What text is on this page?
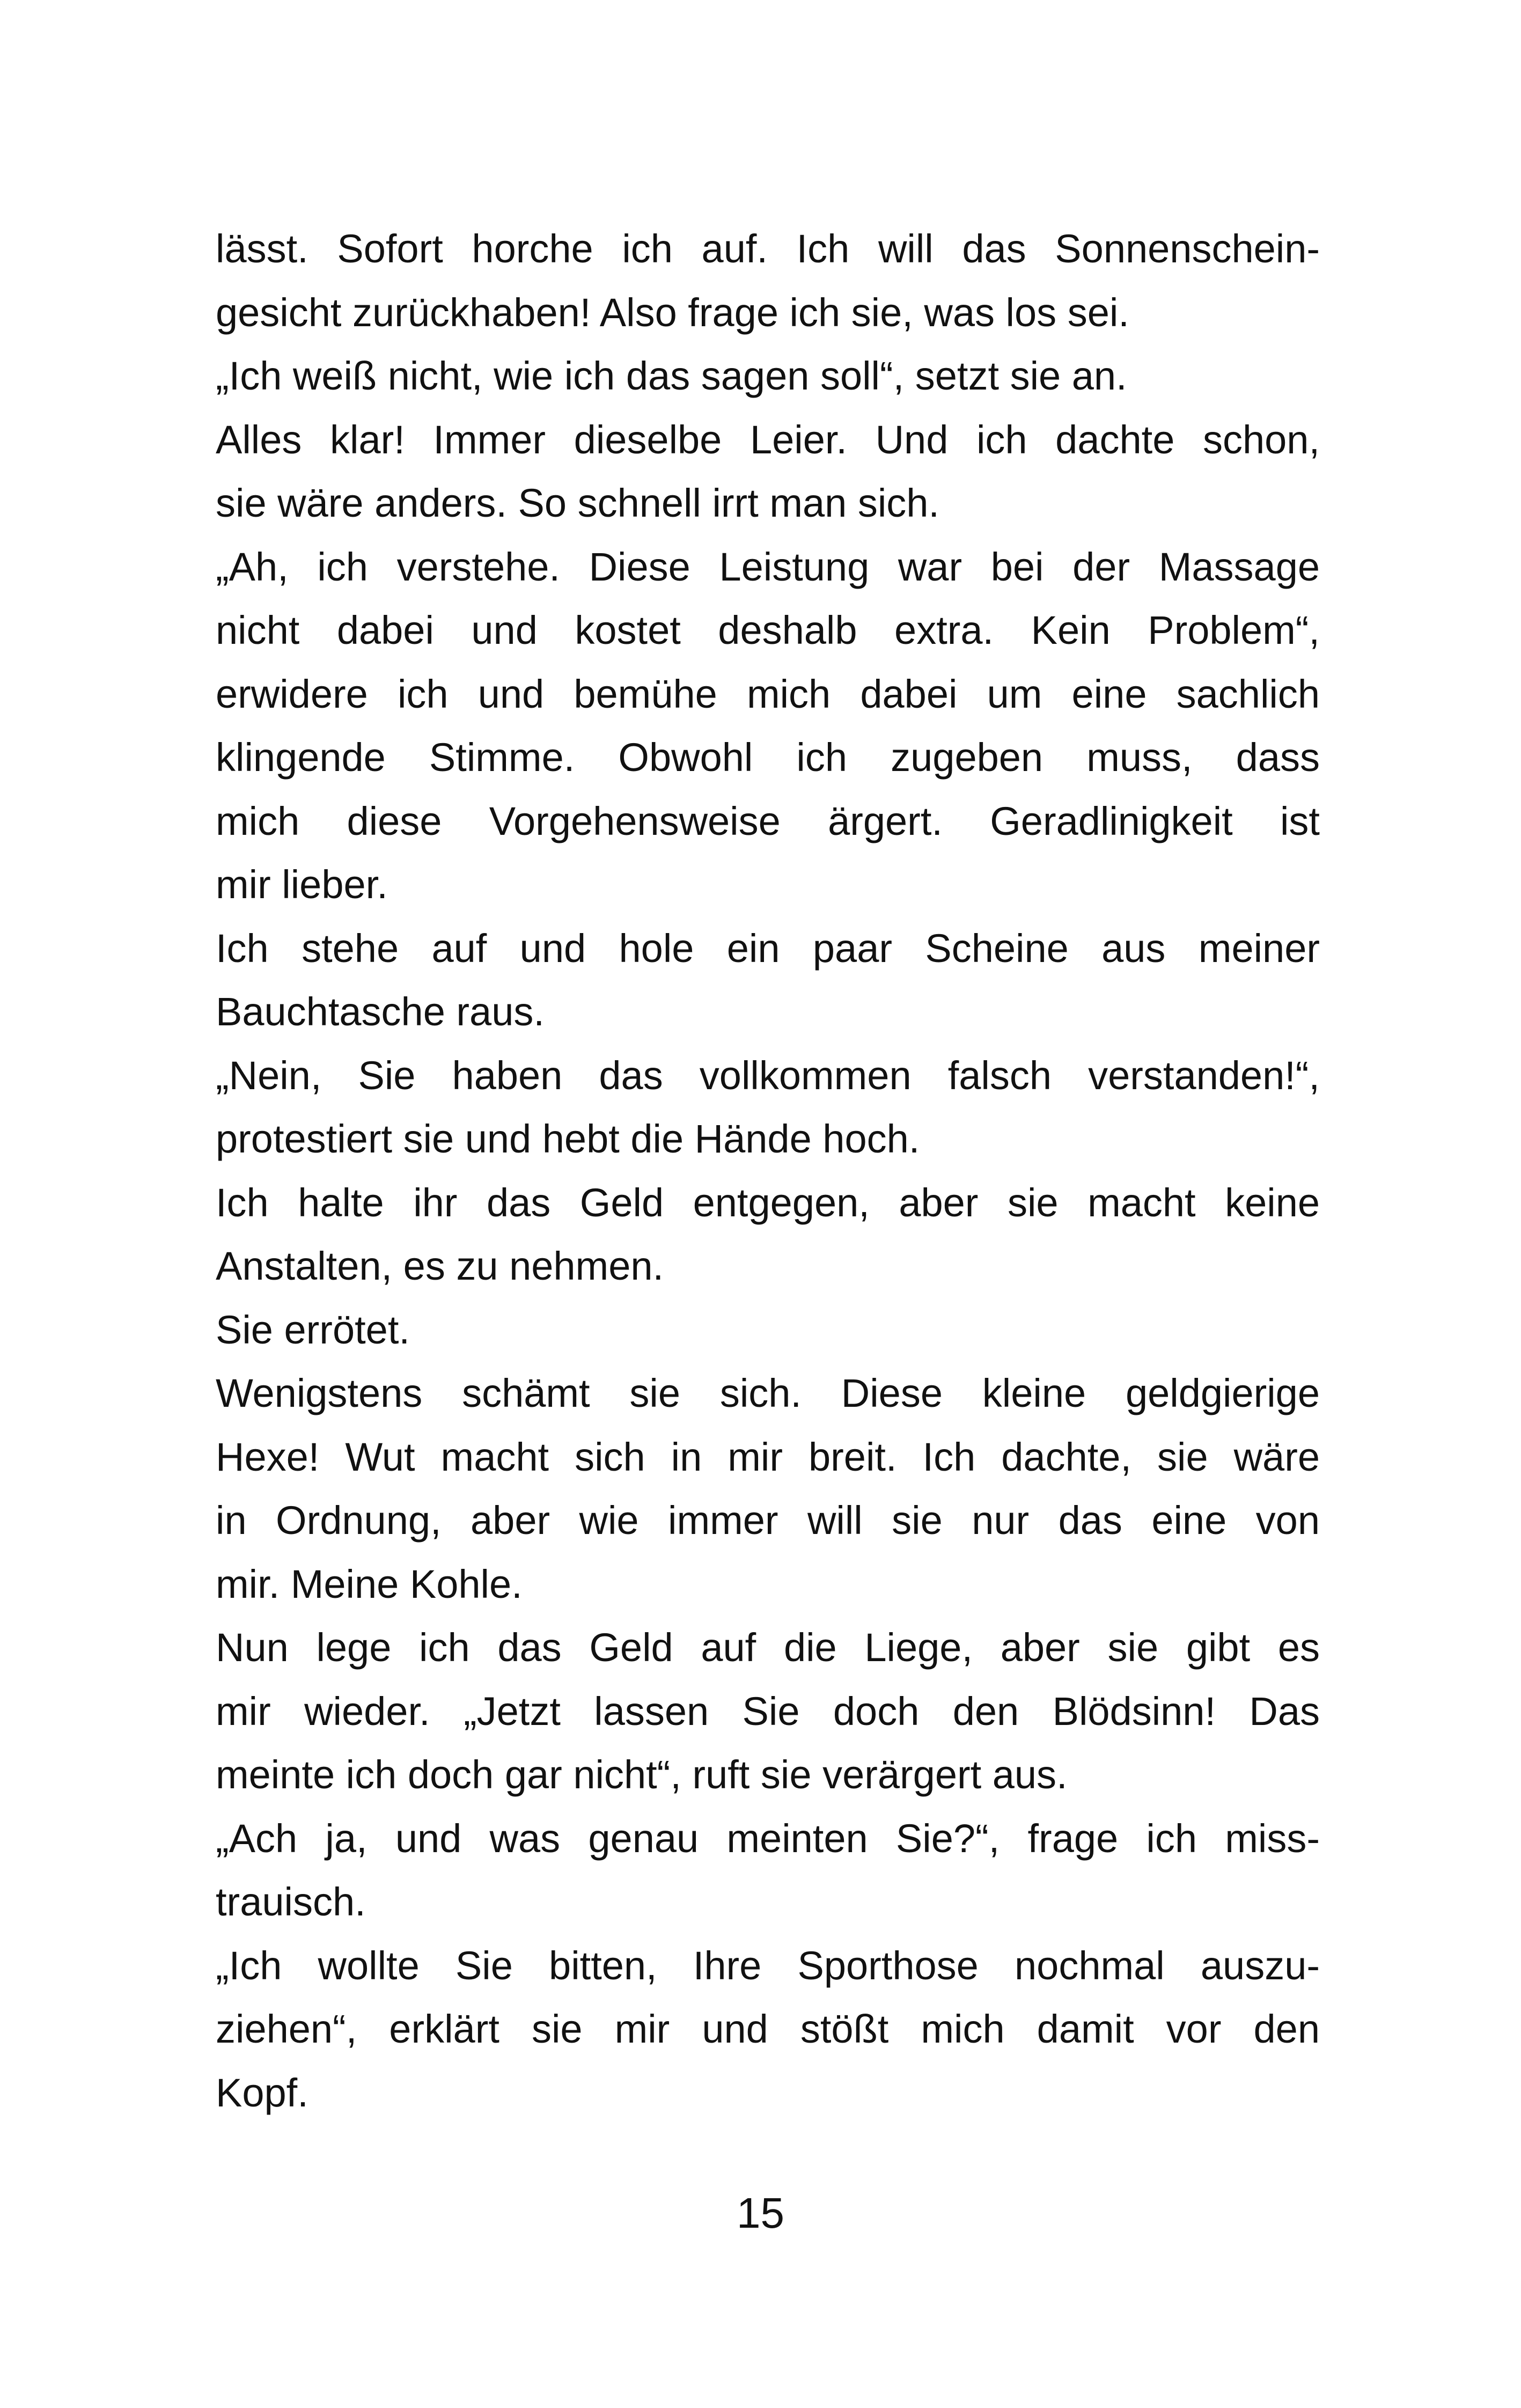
lässt. Sofort horche ich auf. Ich will das Sonnenschein-
gesicht zurückhaben! Also frage ich sie, was los sei.
„Ich weiß nicht, wie ich das sagen soll“, setzt sie an.
Alles klar! Immer dieselbe Leier. Und ich dachte schon,
sie wäre anders. So schnell irrt man sich.
„Ah, ich verstehe. Diese Leistung war bei der Massage
nicht dabei und kostet deshalb extra. Kein Problem“,
erwidere ich und bemühe mich dabei um eine sachlich
klingende Stimme. Obwohl ich zugeben muss, dass
mich diese Vorgehensweise ärgert. Geradlinigkeit ist
mir lieber.
Ich stehe auf und hole ein paar Scheine aus meiner
Bauchtasche raus.
„Nein, Sie haben das vollkommen falsch verstanden!“,
protestiert sie und hebt die Hände hoch.
Ich halte ihr das Geld entgegen, aber sie macht keine
Anstalten, es zu nehmen.
Sie errötet.
Wenigstens schämt sie sich. Diese kleine geldgierige
Hexe! Wut macht sich in mir breit. Ich dachte, sie wäre
in Ordnung, aber wie immer will sie nur das eine von
mir. Meine Kohle.
Nun lege ich das Geld auf die Liege, aber sie gibt es
mir wieder. „Jetzt lassen Sie doch den Blödsinn! Das
meinte ich doch gar nicht“, ruft sie verärgert aus.
„Ach ja, und was genau meinten Sie?“, frage ich miss-
trauisch.
„Ich wollte Sie bitten, Ihre Sporthose nochmal auszu-
ziehen“, erklärt sie mir und stößt mich damit vor den
Kopf.
15
